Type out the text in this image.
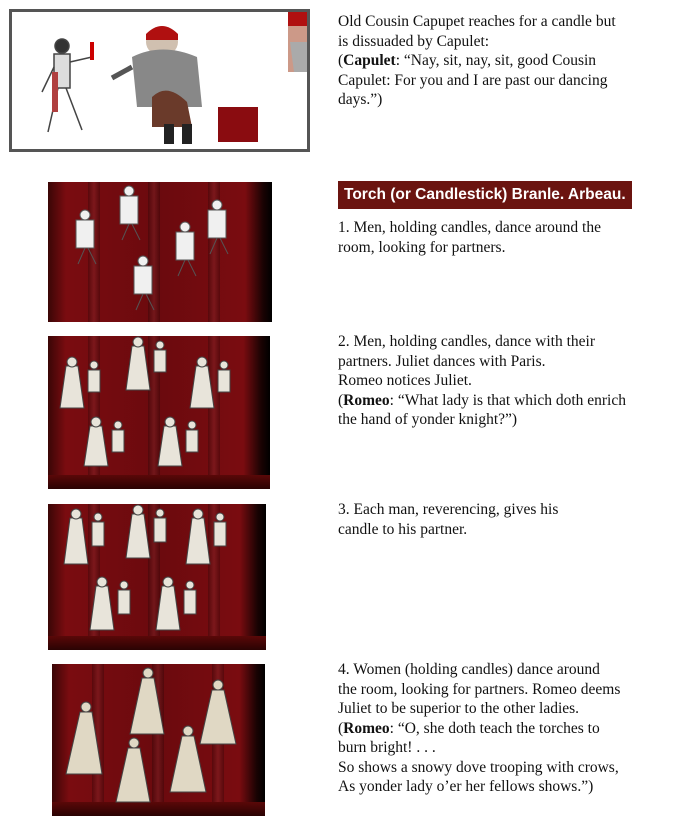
Old Cousin Capupet reaches for a candle but
is dissuaded by Capulet:
(Capulet: “Nay, sit, nay, sit, good Cousin
Capulet: For you and I are past our dancing
days.”)
Torch (or Candlestick) Branle. Arbeau.
1. Men, holding candles, dance around the
room, looking for partners.
2. Men, holding candles, dance with their
partners. Juliet dances with Paris.
Romeo notices Juliet.
(Romeo: “What lady is that which doth enrich
the hand of yonder knight?”)
3. Each man, reverencing, gives his
candle to his partner.
4. Women (holding candles) dance around
the room, looking for partners. Romeo deems
Juliet to be superior to the other ladies.
(Romeo: “O, she doth teach the torches to
burn bright! . . .
So shows a snowy dove trooping with crows,
As yonder lady o’er her fellows shows.”)
